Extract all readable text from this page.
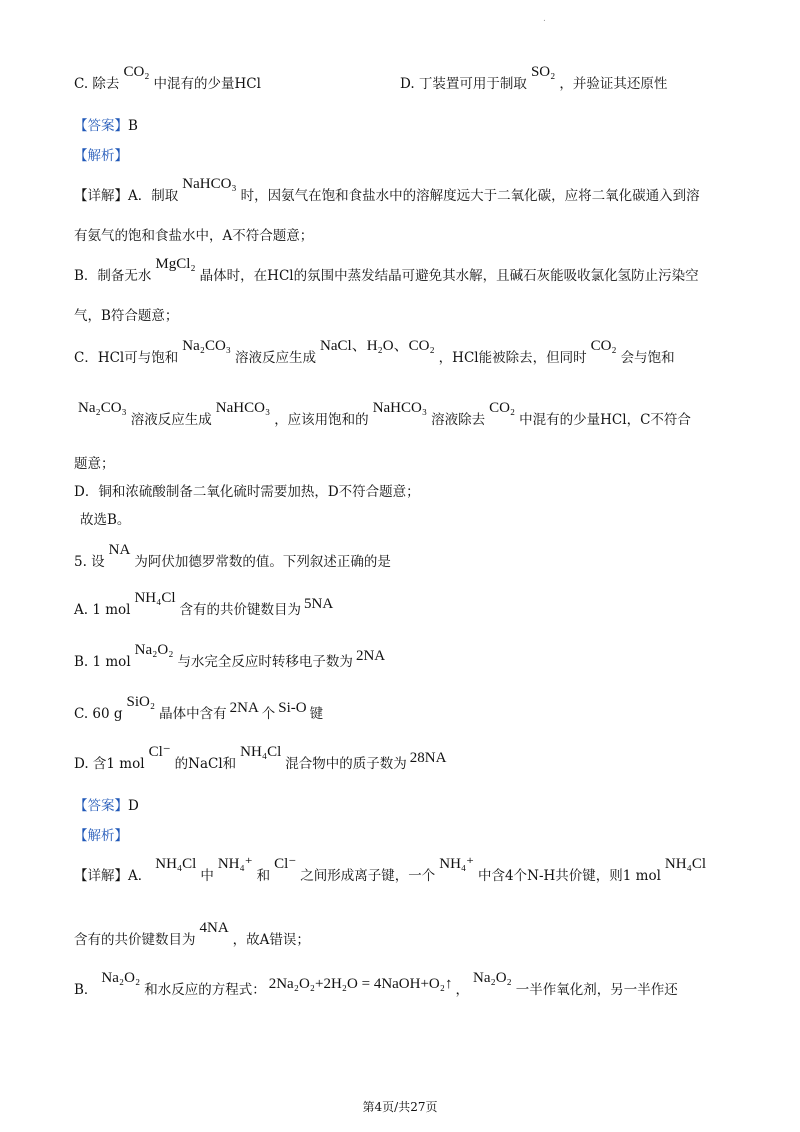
.
C. 除去CO₂中混有的少量HCl	D. 丁装置可用于制取SO₂，并验证其还原性
【答案】B
【解析】
【详解】A．制取NaHCO₃时，因氨气在饱和食盐水中的溶解度远大于二氧化碳，应将二氧化碳通入到溶
有氨气的饱和食盐水中，A不符合题意；
B．制备无水MgCl₂晶体时，在HCl的氛围中蒸发结晶可避免其水解，且碱石灰能吸收氯化氢防止污染空
气，B符合题意；
C．HCl可与饱和Na₂CO₃溶液反应生成NaCl、H₂O、CO₂，HCl能被除去，但同时CO₂会与饱和
Na₂CO₃溶液反应生成NaHCO₃，应该用饱和的NaHCO₃溶液除去CO₂中混有的少量HCl，C不符合
题意；
D．铜和浓硫酸制备二氧化硫时需要加热，D不符合题意；
故选B。
5. 设NA为阿伏加德罗常数的值。下列叙述正确的是
A. 1 molNH₄Cl含有的共价键数目为 5NA
B. 1 molNa₂O₂与水完全反应时转移电子数为 2NA
C. 60 gSiO₂晶体中含有 2NA 个 Si-O 键
D. 含1 molCl⁻的NaCl和NH₄Cl混合物中的质子数为 28NA
【答案】D
【解析】
【详解】A．NH₄Cl中NH₄⁺和Cl⁻之间形成离子键，一个NH₄⁺中含4个N-H共价键，则1 molNH₄Cl
含有的共价键数目为4NA，故A错误；
B．Na₂O₂和水反应的方程式： 2Na₂O₂+2H₂O = 4NaOH+O₂↑ ，Na₂O₂一半作氧化剂，另一半作还
第4页/共27页
